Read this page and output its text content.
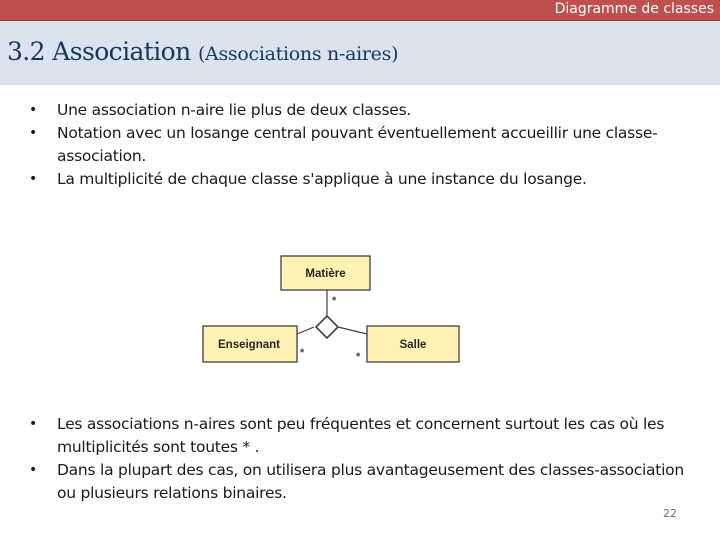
Diagramme de classes
3.2 Association (Associations n-aires)
• Une association n-aire lie plus de deux classes.
• Notation avec un losange central pouvant éventuellement accueillir une classe-association.
• La multiplicité de chaque classe s'applique à une instance du losange.
Matière
Enseignant	Salle
*
*	*
• Les associations n-aires sont peu fréquentes et concernent surtout les cas où les multiplicités sont toutes * .
• Dans la plupart des cas, on utilisera plus avantageusement des classes-association ou plusieurs relations binaires.
22
